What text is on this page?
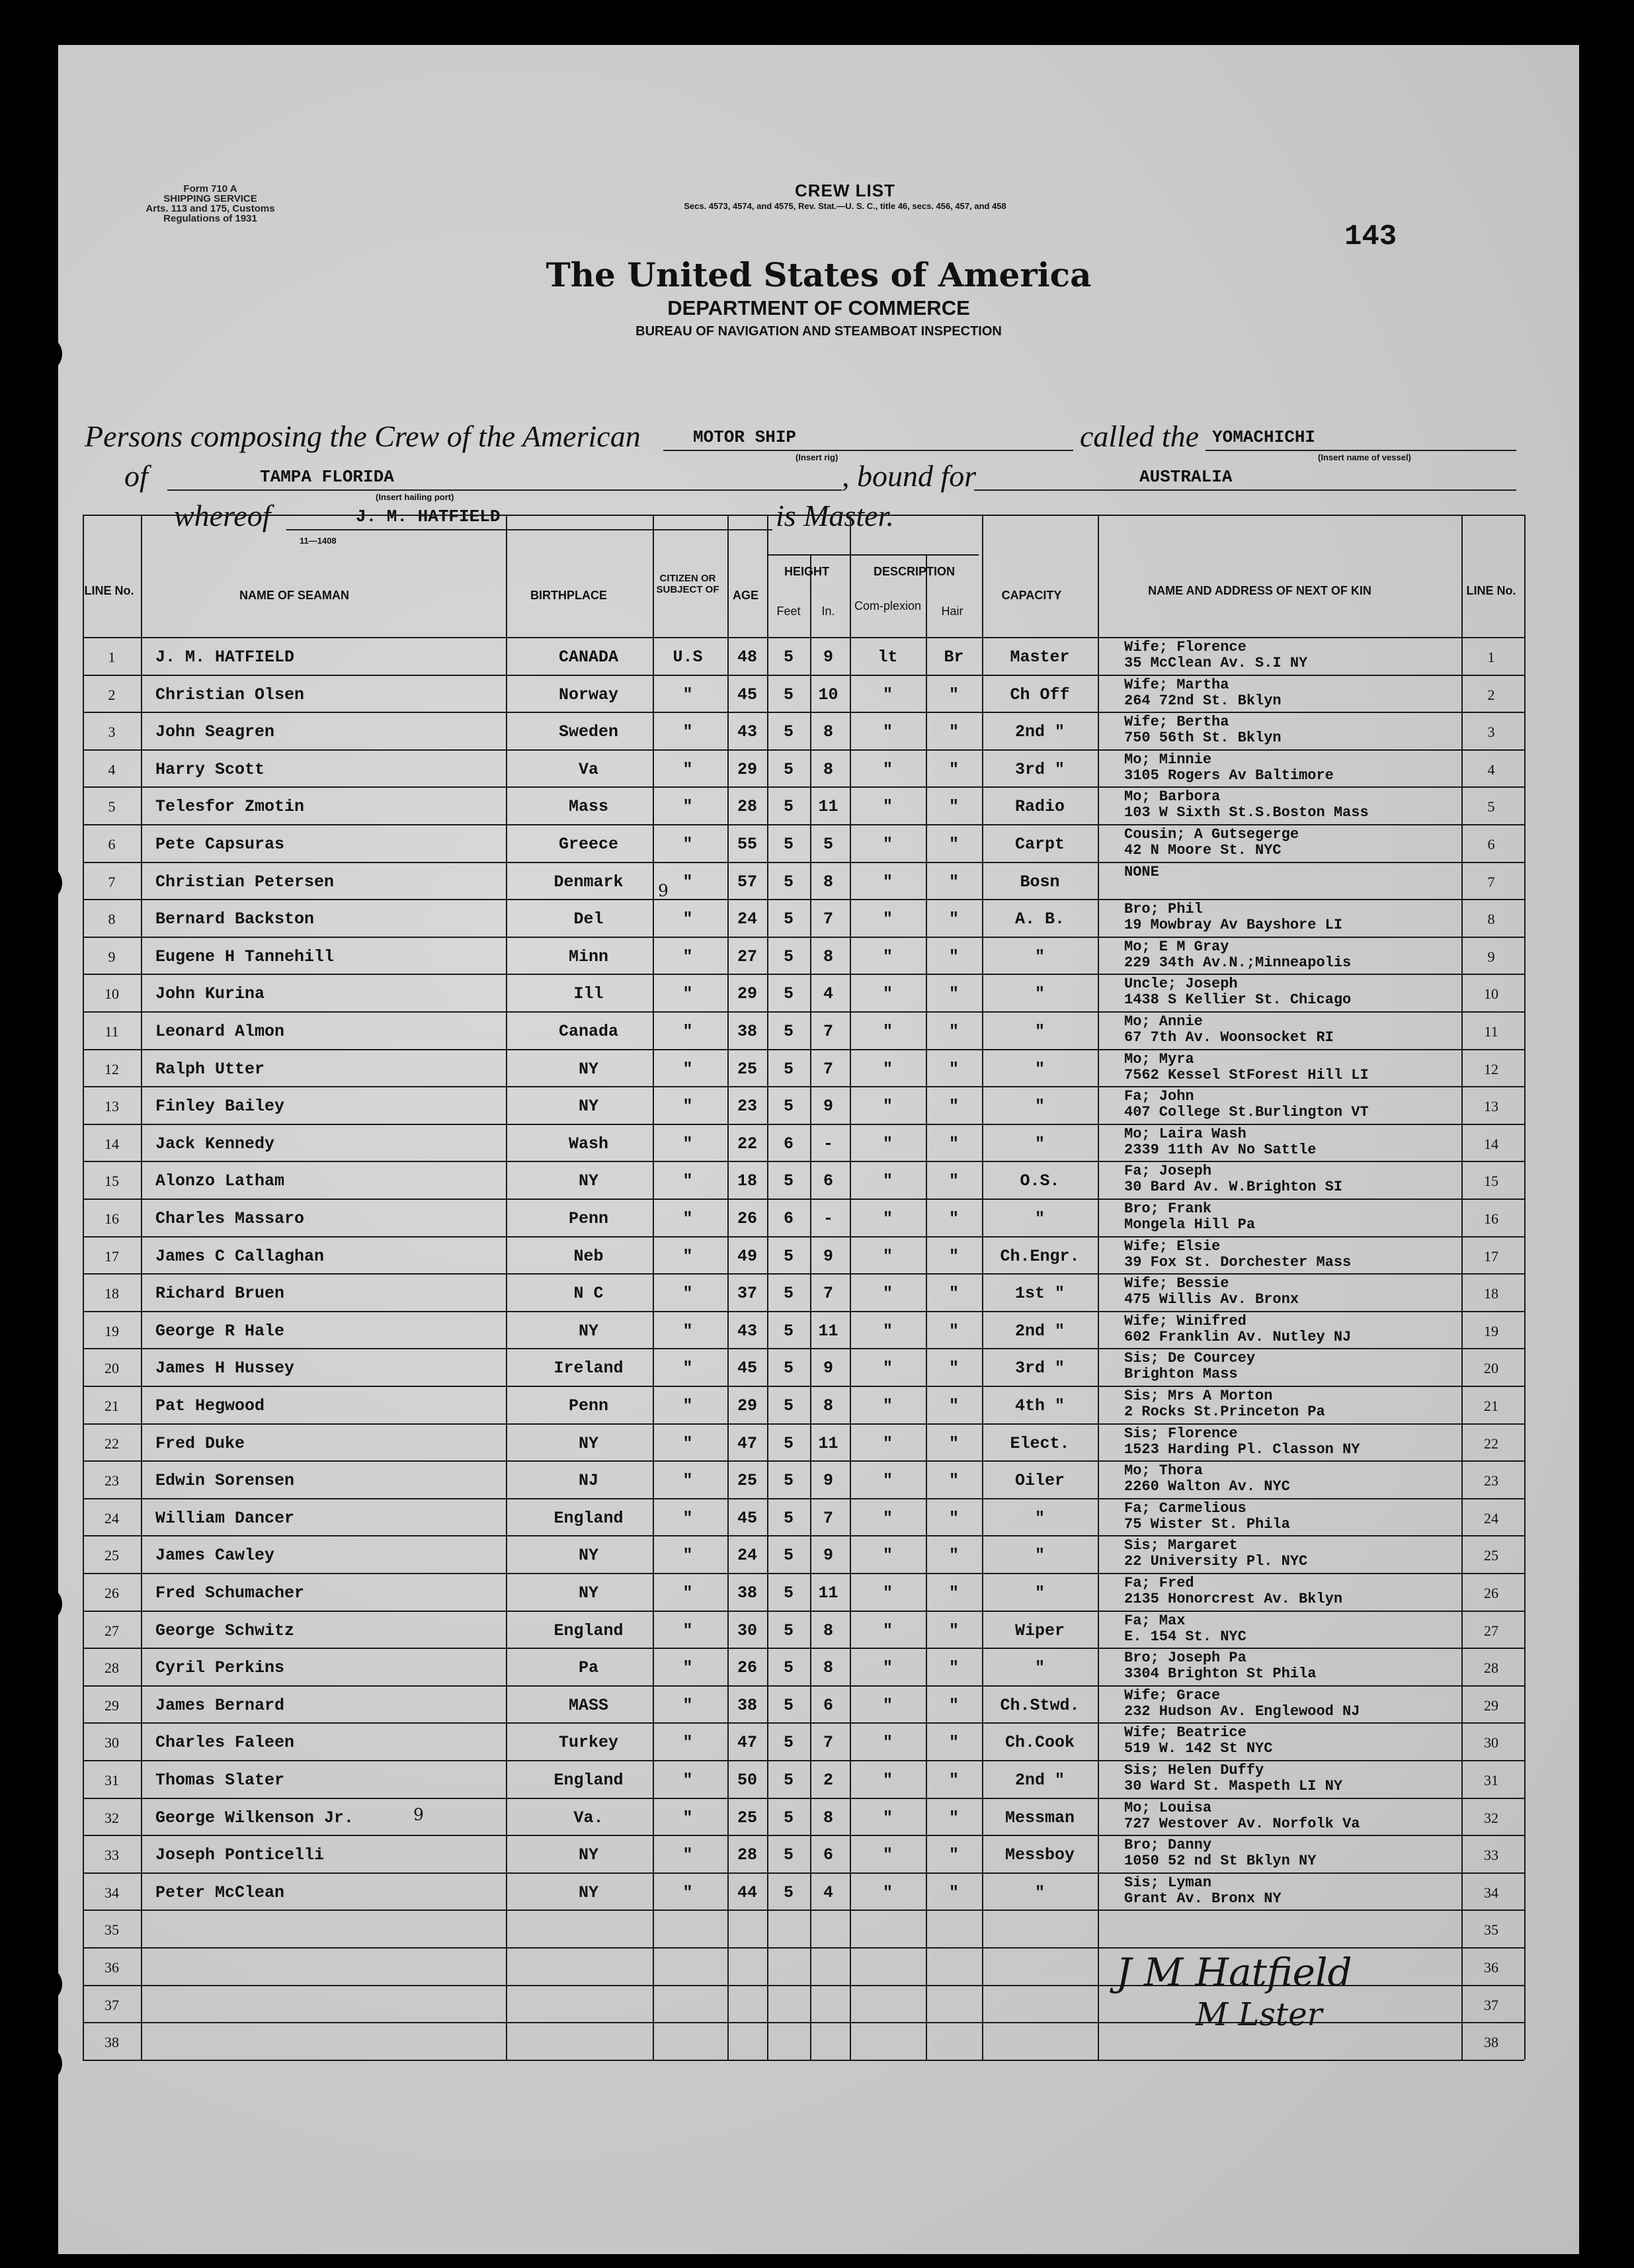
Form 710 A
SHIPPING SERVICE
Arts. 113 and 175, Customs Regulations of 1931
CREW LIST
Secs. 4573, 4574, and 4575, Rev. Stat.—U. S. C., title 46, secs. 456, 457, and 458
143
The United States of America
DEPARTMENT OF COMMERCE
BUREAU OF NAVIGATION AND STEAMBOAT INSPECTION
Persons composing the Crew of the American	MOTOR SHIP
(Insert rig)
called the YOMACHICHI
(Insert name of vessel)
of	TAMPA FLORIDA
(Insert hailing port)
, bound for	AUSTRALIA
whereof	J. M. HATFIELD
11—1408
is Master.
LINE No.	NAME OF SEAMAN	BIRTHPLACE
CITIZEN OR SUBJECT OF	AGE
HEIGHT
Feet	In.
DESCRIPTION
Com-plexion	Hair
CAPACITY	NAME AND ADDRESS OF NEXT OF KIN	LINE No.
1	J. M. HATFIELD	CANADA	U.S	48	5	9	lt	Br	Master
Wife; Florence
35 McClean Av. S.I NY	1
2	Christian Olsen	Norway	"	45	5	10	"	"	Ch Off
Wife; Martha
264 72nd St. Bklyn	2
3	John Seagren	Sweden	"	43	5	8	"	"	2nd "
Wife; Bertha
750 56th St. Bklyn	3
4	Harry Scott	Va	"	29	5	8	"	"	3rd "
Mo; Minnie
3105 Rogers Av Baltimore	4
5	Telesfor Zmotin	Mass	"	28	5	11	"	"	Radio
Mo; Barbora
103 W Sixth St.S.Boston Mass	5
6	Pete Capsuras	Greece	"	55	5	5	"	"	Carpt
Cousin; A Gutsegerge
42 N Moore St. NYC	6
7	Christian Petersen	Denmark	"	57	5	8	"	"	Bosn
NONE
7
8	Bernard Backston	Del	"	24	5	7	"	"	A. B.
Bro; Phil
19 Mowbray Av Bayshore LI	8
9	Eugene H Tannehill	Minn	"	27	5	8	"	"	"
Mo; E M Gray
229 34th Av.N.;Minneapolis	9
10	John Kurina	Ill	"	29	5	4	"	"	"
Uncle; Joseph
1438 S Kellier St. Chicago	10
11	Leonard Almon	Canada	"	38	5	7	"	"	"
Mo; Annie
67 7th Av. Woonsocket RI	11
12	Ralph Utter	NY	"	25	5	7	"	"	"
Mo; Myra
7562 Kessel StForest Hill LI	12
13	Finley Bailey	NY	"	23	5	9	"	"	"
Fa; John
407 College St.Burlington VT	13
14	Jack Kennedy	Wash	"	22	6	-	"	"	"
Mo; Laira Wash
2339 11th Av No Sattle	14
15	Alonzo Latham	NY	"	18	5	6	"	"	O.S.
Fa; Joseph
30 Bard Av. W.Brighton SI	15
16	Charles Massaro	Penn	"	26	6	-	"	"	"
Bro; Frank
Mongela Hill Pa	16
17	James C Callaghan	Neb	"	49	5	9	"	"	Ch.Engr.
Wife; Elsie
39 Fox St. Dorchester Mass	17
18	Richard Bruen	N C	"	37	5	7	"	"	1st "
Wife; Bessie
475 Willis Av. Bronx	18
19	George R Hale	NY	"	43	5	11	"	"	2nd "
Wife; Winifred
602 Franklin Av. Nutley NJ	19
20	James H Hussey	Ireland	"	45	5	9	"	"	3rd "
Sis; De Courcey
Brighton Mass	20
21	Pat Hegwood	Penn	"	29	5	8	"	"	4th "
Sis; Mrs A Morton
2 Rocks St.Princeton Pa	21
22	Fred Duke	NY	"	47	5	11	"	"	Elect.
Sis; Florence
1523 Harding Pl. Classon NY	22
23	Edwin Sorensen	NJ	"	25	5	9	"	"	Oiler
Mo; Thora
2260 Walton Av. NYC	23
24	William Dancer	England	"	45	5	7	"	"	"
Fa; Carmelious
75 Wister St. Phila	24
25	James Cawley	NY	"	24	5	9	"	"	"
Sis; Margaret
22 University Pl. NYC	25
26	Fred Schumacher	NY	"	38	5	11	"	"	"
Fa; Fred
2135 Honorcrest Av. Bklyn	26
27	George Schwitz	England	"	30	5	8	"	"	Wiper
Fa; Max
E. 154 St. NYC	27
28	Cyril Perkins	Pa	"	26	5	8	"	"	"
Bro; Joseph Pa
3304 Brighton St Phila	28
29	James Bernard	MASS	"	38	5	6	"	"	Ch.Stwd.
Wife; Grace
232 Hudson Av. Englewood NJ	29
30	Charles Faleen	Turkey	"	47	5	7	"	"	Ch.Cook
Wife; Beatrice
519 W. 142 St NYC	30
31	Thomas Slater	England	"	50	5	2	"	"	2nd "
Sis; Helen Duffy
30 Ward St. Maspeth LI NY	31
32	George Wilkenson Jr.	Va.	"	25	5	8	"	"	Messman
Mo; Louisa
727 Westover Av. Norfolk Va	32
33	Joseph Ponticelli	NY	"	28	5	6	"	"	Messboy
Bro; Danny
1050 52 nd St Bklyn NY	33
34	Peter McClean	NY	"	44	5	4	"	"	"
Sis; Lyman
Grant Av. Bronx NY	34
35	35
36	36
37	37
38	38
9
9
J M Hatfield
M Lster
